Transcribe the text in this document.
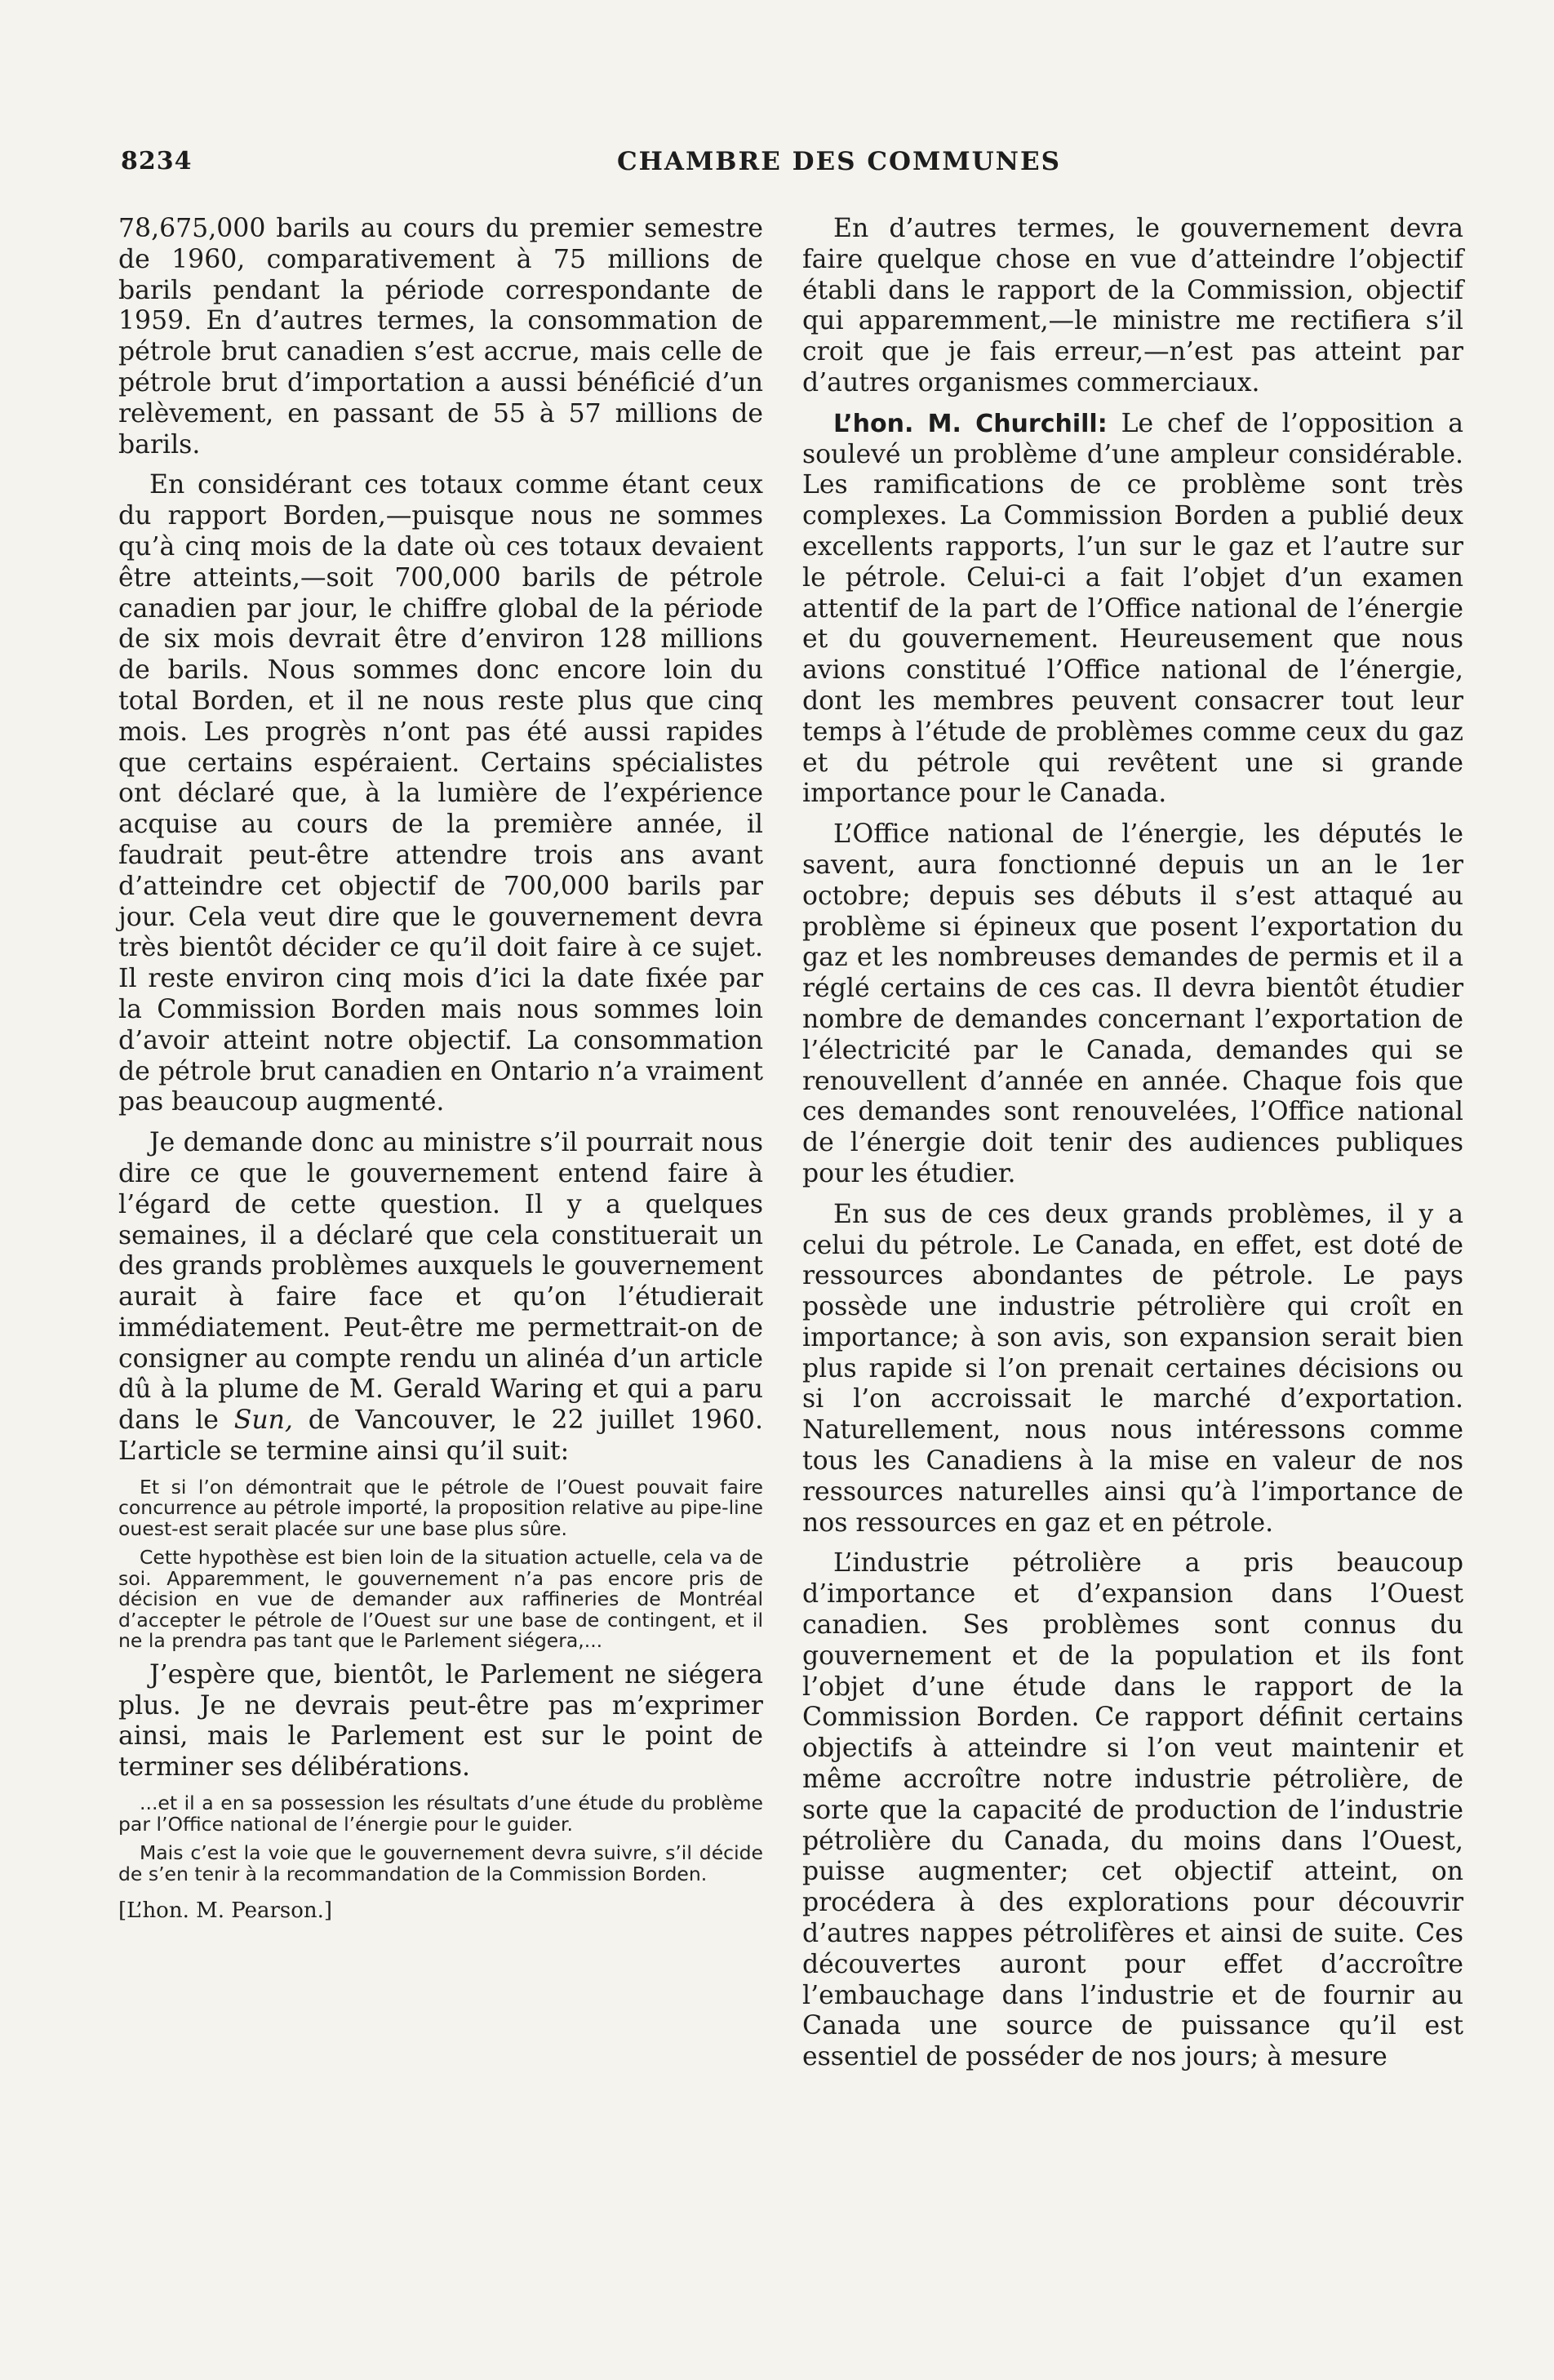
8234	CHAMBRE DES COMMUNES

78,675,000 barils au cours du premier semestre de 1960, comparativement à 75 millions de barils pendant la période correspondante de 1959. En d’autres termes, la consommation de pétrole brut canadien s’est accrue, mais celle de pétrole brut d’importation a aussi bénéficié d’un relèvement, en passant de 55 à 57 millions de barils.

En considérant ces totaux comme étant ceux du rapport Borden,—puisque nous ne sommes qu’à cinq mois de la date où ces totaux devaient être atteints,—soit 700,000 barils de pétrole canadien par jour, le chiffre global de la période de six mois devrait être d’environ 128 millions de barils. Nous sommes donc encore loin du total Borden, et il ne nous reste plus que cinq mois. Les progrès n’ont pas été aussi rapides que certains espéraient. Certains spécialistes ont déclaré que, à la lumière de l’expérience acquise au cours de la première année, il faudrait peut-être attendre trois ans avant d’atteindre cet objectif de 700,000 barils par jour. Cela veut dire que le gouvernement devra très bientôt décider ce qu’il doit faire à ce sujet. Il reste environ cinq mois d’ici la date fixée par la Commission Borden mais nous sommes loin d’avoir atteint notre objectif. La consommation de pétrole brut canadien en Ontario n’a vraiment pas beaucoup augmenté.

Je demande donc au ministre s’il pourrait nous dire ce que le gouvernement entend faire à l’égard de cette question. Il y a quelques semaines, il a déclaré que cela constituerait un des grands problèmes auxquels le gouvernement aurait à faire face et qu’on l’étudierait immédiatement. Peut-être me permettrait-on de consigner au compte rendu un alinéa d’un article dû à la plume de M. Gerald Waring et qui a paru dans le Sun, de Vancouver, le 22 juillet 1960. L’article se termine ainsi qu’il suit:

Et si l’on démontrait que le pétrole de l’Ouest pouvait faire concurrence au pétrole importé, la proposition relative au pipe-line ouest-est serait placée sur une base plus sûre.
Cette hypothèse est bien loin de la situation actuelle, cela va de soi. Apparemment, le gouvernement n’a pas encore pris de décision en vue de demander aux raffineries de Montréal d’accepter le pétrole de l’Ouest sur une base de contingent, et il ne la prendra pas tant que le Parlement siégera,...

J’espère que, bientôt, le Parlement ne siégera plus. Je ne devrais peut-être pas m’exprimer ainsi, mais le Parlement est sur le point de terminer ses délibérations.

...et il a en sa possession les résultats d’une étude du problème par l’Office national de l’énergie pour le guider.
Mais c’est la voie que le gouvernement devra suivre, s’il décide de s’en tenir à la recommandation de la Commission Borden.
[L’hon. M. Pearson.]

En d’autres termes, le gouvernement devra faire quelque chose en vue d’atteindre l’objectif établi dans le rapport de la Commission, objectif qui apparemment,—le ministre me rectifiera s’il croit que je fais erreur,—n’est pas atteint par d’autres organismes commerciaux.

L’hon. M. Churchill: Le chef de l’opposition a soulevé un problème d’une ampleur considérable. Les ramifications de ce problème sont très complexes. La Commission Borden a publié deux excellents rapports, l’un sur le gaz et l’autre sur le pétrole. Celui-ci a fait l’objet d’un examen attentif de la part de l’Office national de l’énergie et du gouvernement. Heureusement que nous avions constitué l’Office national de l’énergie, dont les membres peuvent consacrer tout leur temps à l’étude de problèmes comme ceux du gaz et du pétrole qui revêtent une si grande importance pour le Canada.

L’Office national de l’énergie, les députés le savent, aura fonctionné depuis un an le 1er octobre; depuis ses débuts il s’est attaqué au problème si épineux que posent l’exportation du gaz et les nombreuses demandes de permis et il a réglé certains de ces cas. Il devra bientôt étudier nombre de demandes concernant l’exportation de l’électricité par le Canada, demandes qui se renouvellent d’année en année. Chaque fois que ces demandes sont renouvelées, l’Office national de l’énergie doit tenir des audiences publiques pour les étudier.

En sus de ces deux grands problèmes, il y a celui du pétrole. Le Canada, en effet, est doté de ressources abondantes de pétrole. Le pays possède une industrie pétrolière qui croît en importance; à son avis, son expansion serait bien plus rapide si l’on prenait certaines décisions ou si l’on accroissait le marché d’exportation. Naturellement, nous nous intéressons comme tous les Canadiens à la mise en valeur de nos ressources naturelles ainsi qu’à l’importance de nos ressources en gaz et en pétrole.

L’industrie pétrolière a pris beaucoup d’importance et d’expansion dans l’Ouest canadien. Ses problèmes sont connus du gouvernement et de la population et ils font l’objet d’une étude dans le rapport de la Commission Borden. Ce rapport définit certains objectifs à atteindre si l’on veut maintenir et même accroître notre industrie pétrolière, de sorte que la capacité de production de l’industrie pétrolière du Canada, du moins dans l’Ouest, puisse augmenter; cet objectif atteint, on procédera à des explorations pour découvrir d’autres nappes pétrolifères et ainsi de suite. Ces découvertes auront pour effet d’accroître l’embauchage dans l’industrie et de fournir au Canada une source de puissance qu’il est essentiel de posséder de nos jours; à mesure
